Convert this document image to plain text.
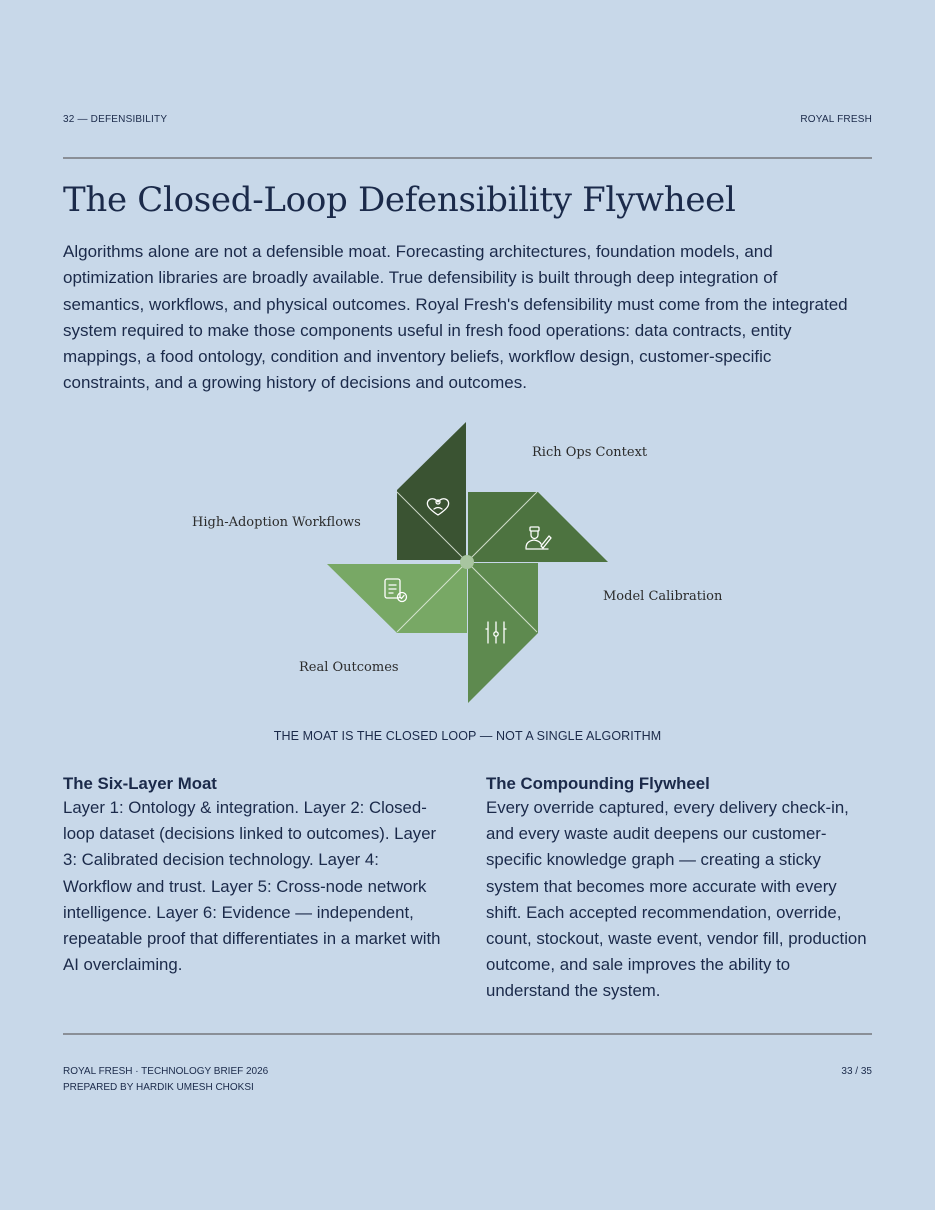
32 — DEFENSIBILITY	ROYAL FRESH
The Closed-Loop Defensibility Flywheel

Algorithms alone are not a defensible moat. Forecasting architectures, foundation models, and optimization libraries are broadly available. True defensibility is built through deep integration of semantics, workflows, and physical outcomes. Royal Fresh's defensibility must come from the integrated system required to make those components useful in fresh food operations: data contracts, entity mappings, a food ontology, condition and inventory beliefs, workflow design, customer-specific constraints, and a growing history of decisions and outcomes.

Rich Ops Context
High-Adoption Workflows
Model Calibration
Real Outcomes
THE MOAT IS THE CLOSED LOOP — NOT A SINGLE ALGORITHM
The Six-Layer Moat

Layer 1: Ontology & integration. Layer 2: Closed-loop dataset (decisions linked to outcomes). Layer 3: Calibrated decision technology. Layer 4: Workflow and trust. Layer 5: Cross-node network intelligence. Layer 6: Evidence — independent, repeatable proof that differentiates in a market with AI overclaiming.

The Compounding Flywheel

Every override captured, every delivery check-in, and every waste audit deepens our customer-specific knowledge graph — creating a sticky system that becomes more accurate with every shift. Each accepted recommendation, override, count, stockout, waste event, vendor fill, production outcome, and sale improves the ability to understand the system.

ROYAL FRESH · TECHNOLOGY BRIEF 2026
PREPARED BY HARDIK UMESH CHOKSI
33 / 35
